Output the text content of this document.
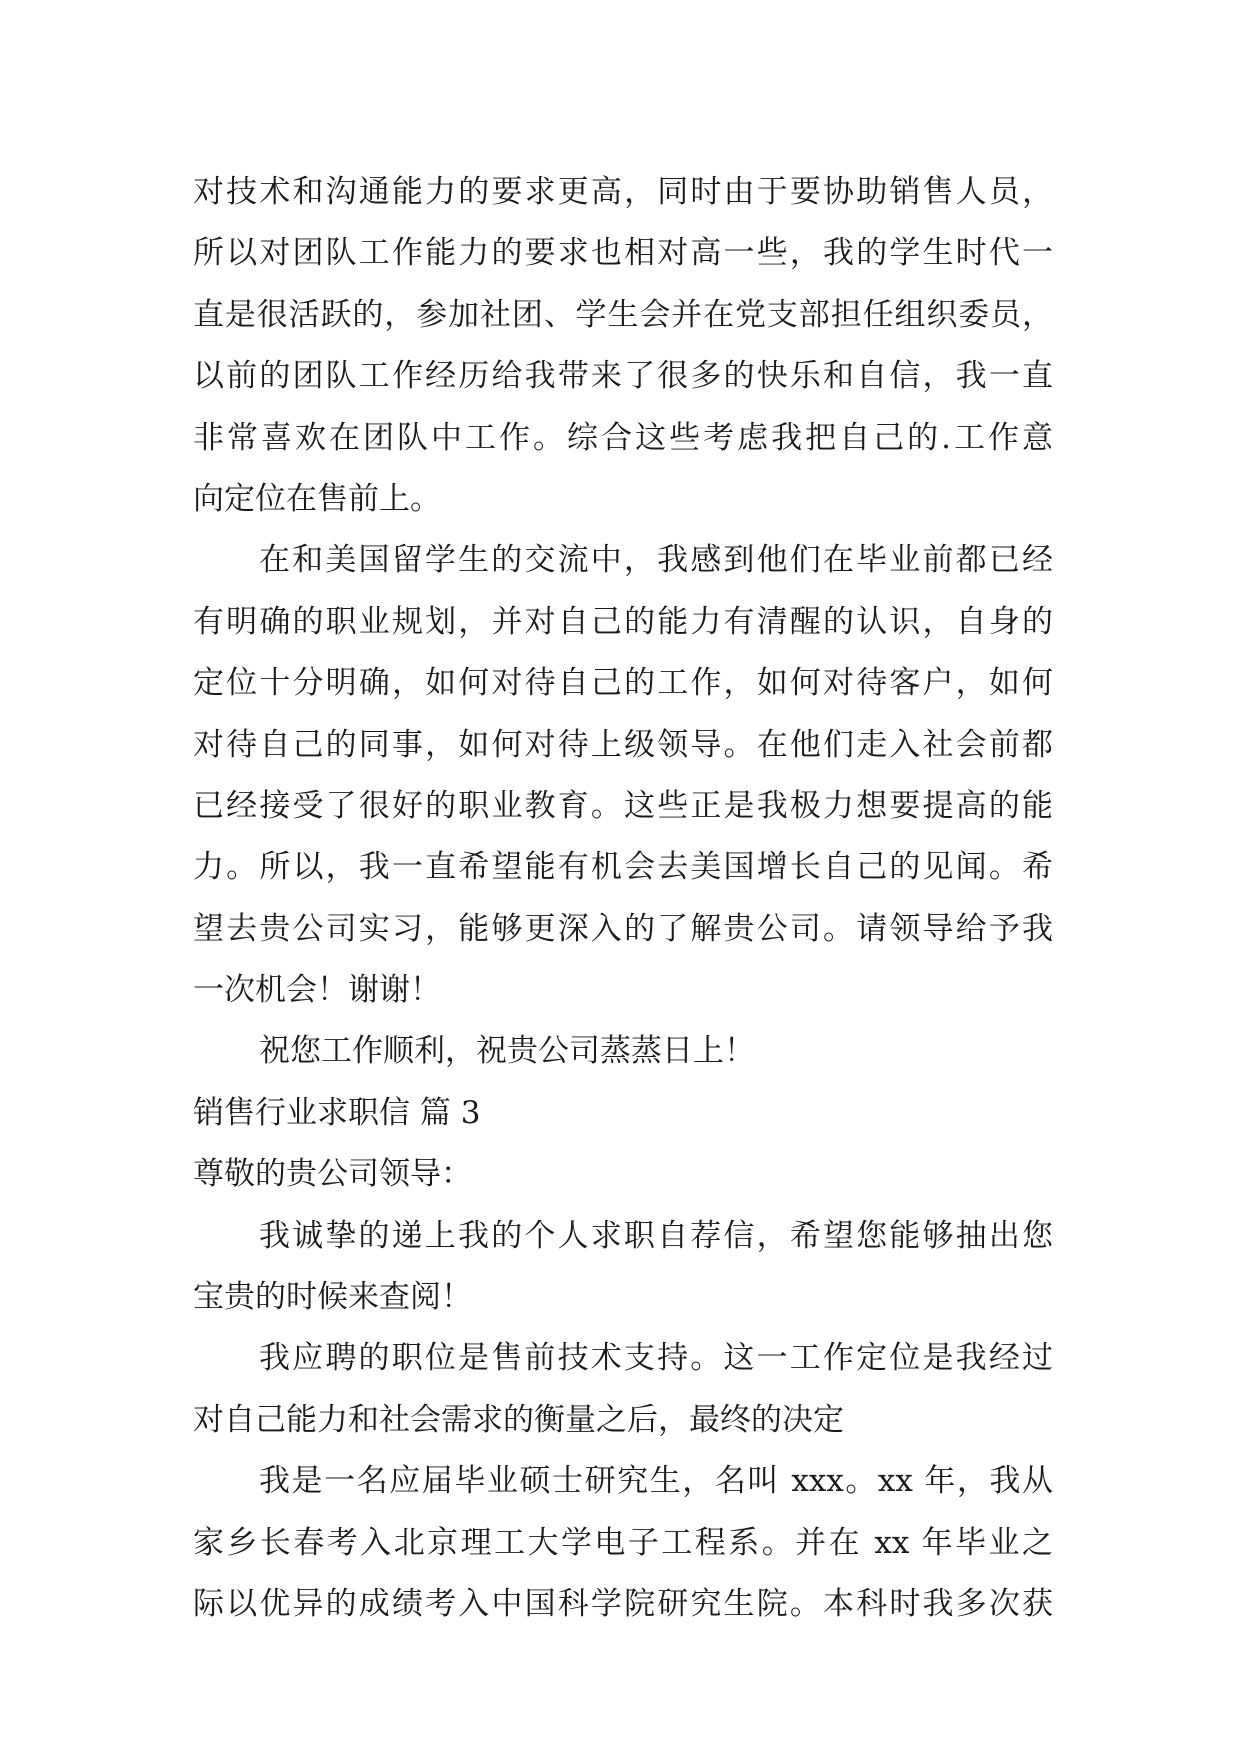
对技术和沟通能力的要求更高，同时由于要协助销售人员，
所以对团队工作能力的要求也相对高一些，我的学生时代一
直是很活跃的，参加社团、学生会并在党支部担任组织委员，
以前的团队工作经历给我带来了很多的快乐和自信，我一直
非常喜欢在团队中工作。综合这些考虑我把自己的.工作意
向定位在售前上。
在和美国留学生的交流中，我感到他们在毕业前都已经
有明确的职业规划，并对自己的能力有清醒的认识，自身的
定位十分明确，如何对待自己的工作，如何对待客户，如何
对待自己的同事，如何对待上级领导。在他们走入社会前都
已经接受了很好的职业教育。这些正是我极力想要提高的能
力。所以，我一直希望能有机会去美国增长自己的见闻。希
望去贵公司实习，能够更深入的了解贵公司。请领导给予我
一次机会！谢谢！
祝您工作顺利，祝贵公司蒸蒸日上！
销售行业求职信 篇 3
尊敬的贵公司领导：
我诚挚的递上我的个人求职自荐信，希望您能够抽出您
宝贵的时候来查阅！
我应聘的职位是售前技术支持。这一工作定位是我经过
对自己能力和社会需求的衡量之后，最终的决定
我是一名应届毕业硕士研究生，名叫 xxx。xx 年，我从
家乡长春考入北京理工大学电子工程系。并在 xx 年毕业之
际以优异的成绩考入中国科学院研究生院。本科时我多次获
